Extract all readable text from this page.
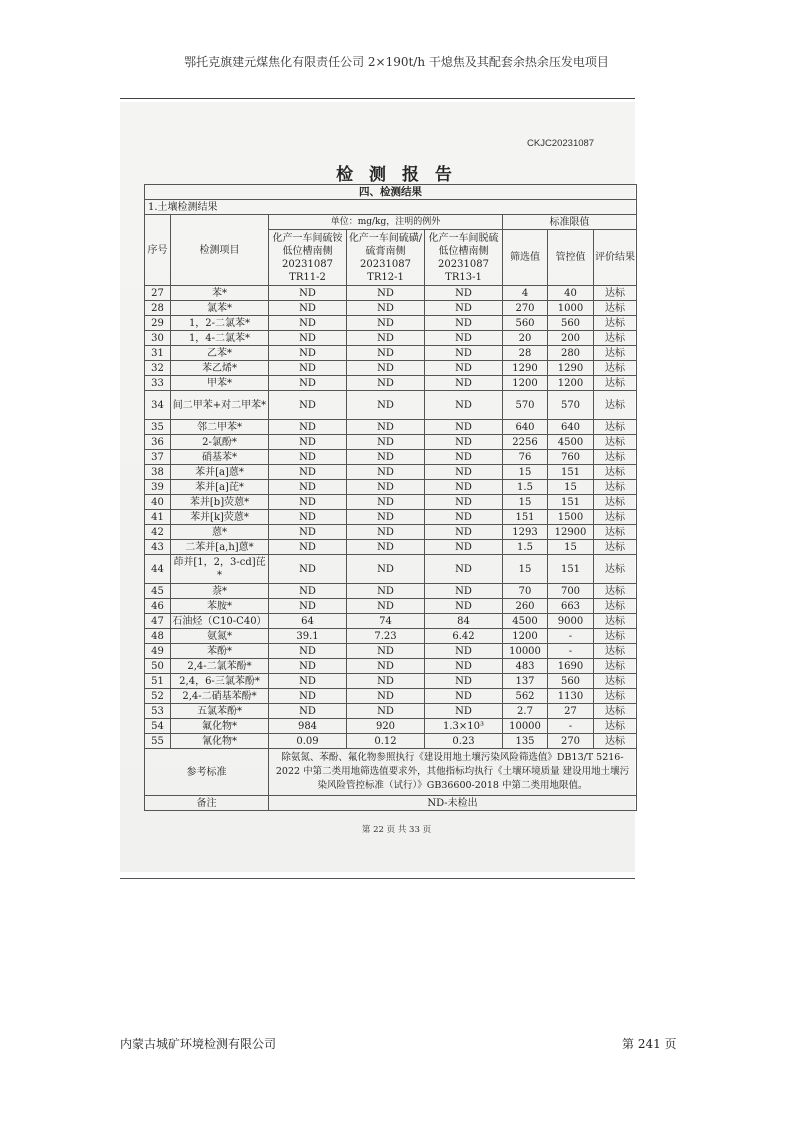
鄂托克旗建元煤焦化有限责任公司 2×190t/h 干熄焦及其配套余热余压发电项目
CKJC20231087
检 测 报 告
四、检测结果							
1.土壤检测结果							
序号	检测项目	单位：mg/kg，注明的例外			标准限值		
		化产一车间硫铵低位槽南侧 20231087 TR11-2	化产一车间硫磺/硫膏南侧 20231087 TR12-1	化产一车间脱硫低位槽南侧 20231087 TR13-1	筛选值	管控值	评价结果
27	苯*	ND	ND	ND	4	40	达标
28	氯苯*	ND	ND	ND	270	1000	达标
29	1，2-二氯苯*	ND	ND	ND	560	560	达标
30	1，4-二氯苯*	ND	ND	ND	20	200	达标
31	乙苯*	ND	ND	ND	28	280	达标
32	苯乙烯*	ND	ND	ND	1290	1290	达标
33	甲苯*	ND	ND	ND	1200	1200	达标
34	间二甲苯+对二甲苯*	ND	ND	ND	570	570	达标
35	邻二甲苯*	ND	ND	ND	640	640	达标
36	2-氯酚*	ND	ND	ND	2256	4500	达标
37	硝基苯*	ND	ND	ND	76	760	达标
38	苯并[a]蒽*	ND	ND	ND	15	151	达标
39	苯并[a]芘*	ND	ND	ND	1.5	15	达标
40	苯并[b]荧蒽*	ND	ND	ND	15	151	达标
41	苯并[k]荧蒽*	ND	ND	ND	151	1500	达标
42	蒽*	ND	ND	ND	1293	12900	达标
43	二苯并[a,h]蒽*	ND	ND	ND	1.5	15	达标
44	茚并[1，2，3-cd]芘*	ND	ND	ND	15	151	达标
45	萘*	ND	ND	ND	70	700	达标
46	苯胺*	ND	ND	ND	260	663	达标
47	石油烃（C10-C40）	64	74	84	4500	9000	达标
48	氨氮*	39.1	7.23	6.42	1200	-	达标
49	苯酚*	ND	ND	ND	10000	-	达标
50	2,4-二氯苯酚*	ND	ND	ND	483	1690	达标
51	2,4，6-三氯苯酚*	ND	ND	ND	137	560	达标
52	2,4-二硝基苯酚*	ND	ND	ND	562	1130	达标
53	五氯苯酚*	ND	ND	ND	2.7	27	达标
54	氟化物*	984	920	1.3×10³	10000	-	达标
55	氰化物*	0.09	0.12	0.23	135	270	达标
参考标准		除氨氮、苯酚、氟化物参照执行《建设用地土壤污染风险筛选值》DB13/T 5216-2022 中第二类用地筛选值要求外，其他指标均执行《土壤环境质量 建设用地土壤污染风险管控标准（试行）》GB36600-2018 中第二类用地限值。					
备注		ND-未检出					
第 22 页 共 33 页
内蒙古城矿环境检测有限公司	第 241 页
